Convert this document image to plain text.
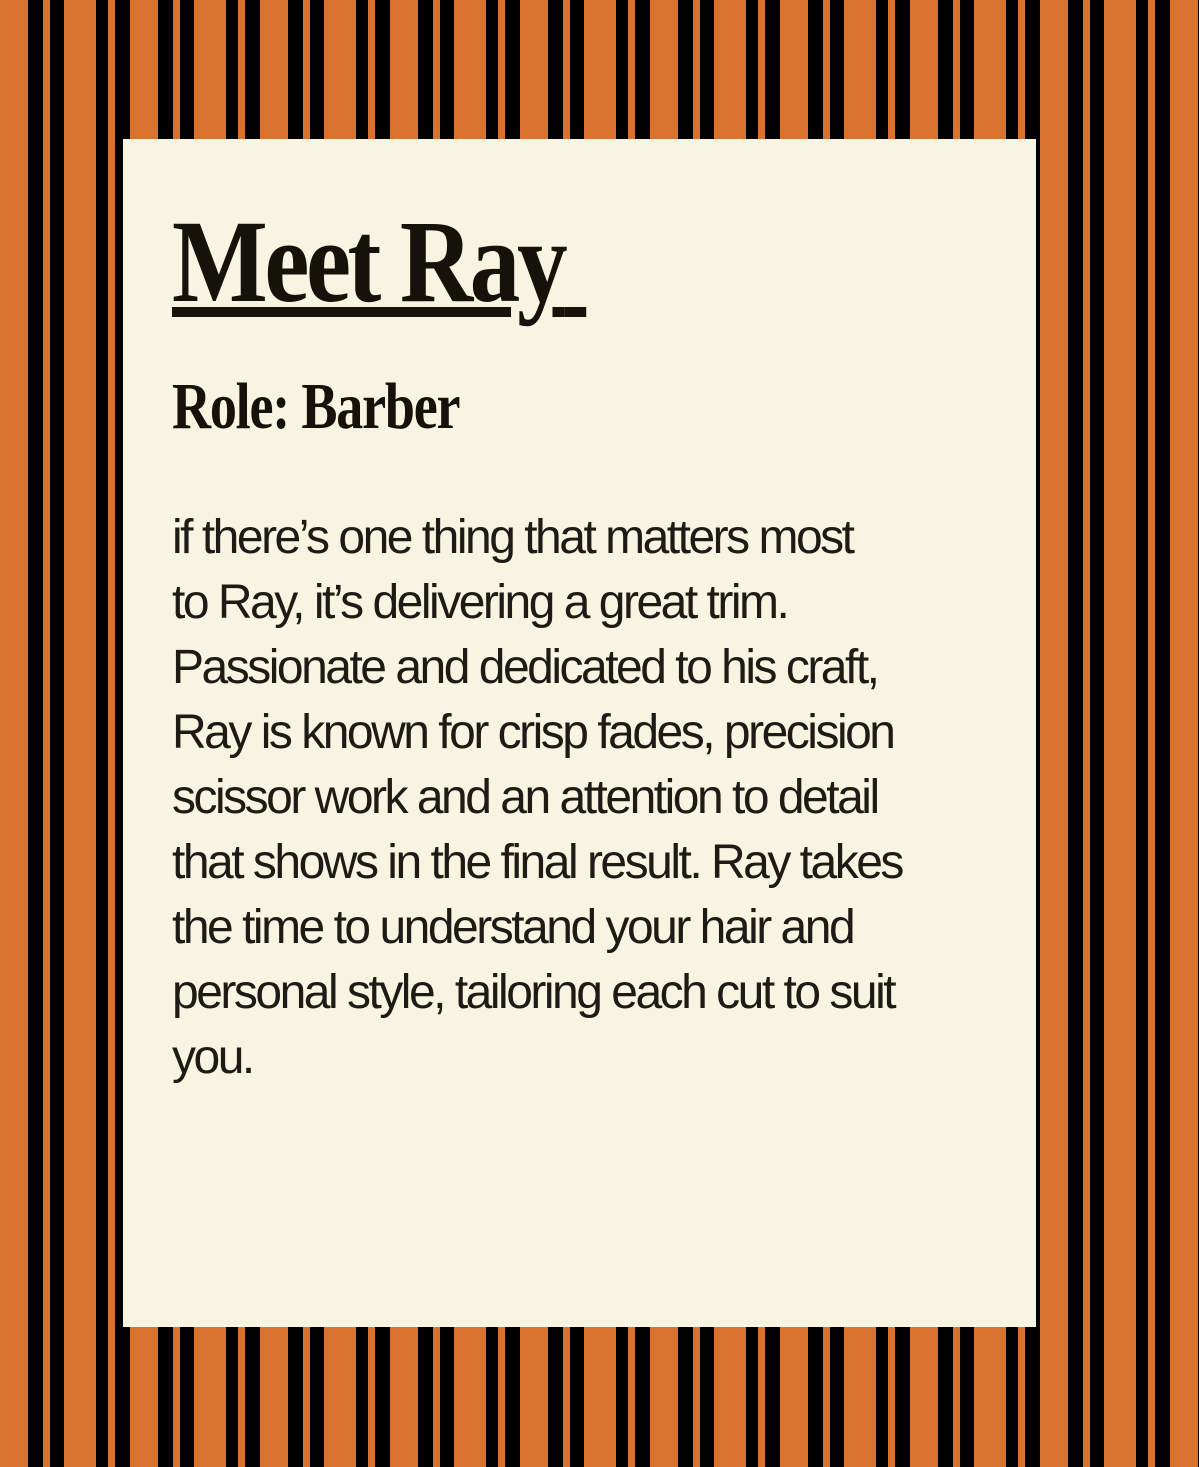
Meet Ray
Role: Barber
if there’s one thing that matters most
to Ray, it’s delivering a great trim.
Passionate and dedicated to his craft,
Ray is known for crisp fades, precision
scissor work and an attention to detail
that shows in the final result. Ray takes
the time to understand your hair and
personal style, tailoring each cut to suit
you.
